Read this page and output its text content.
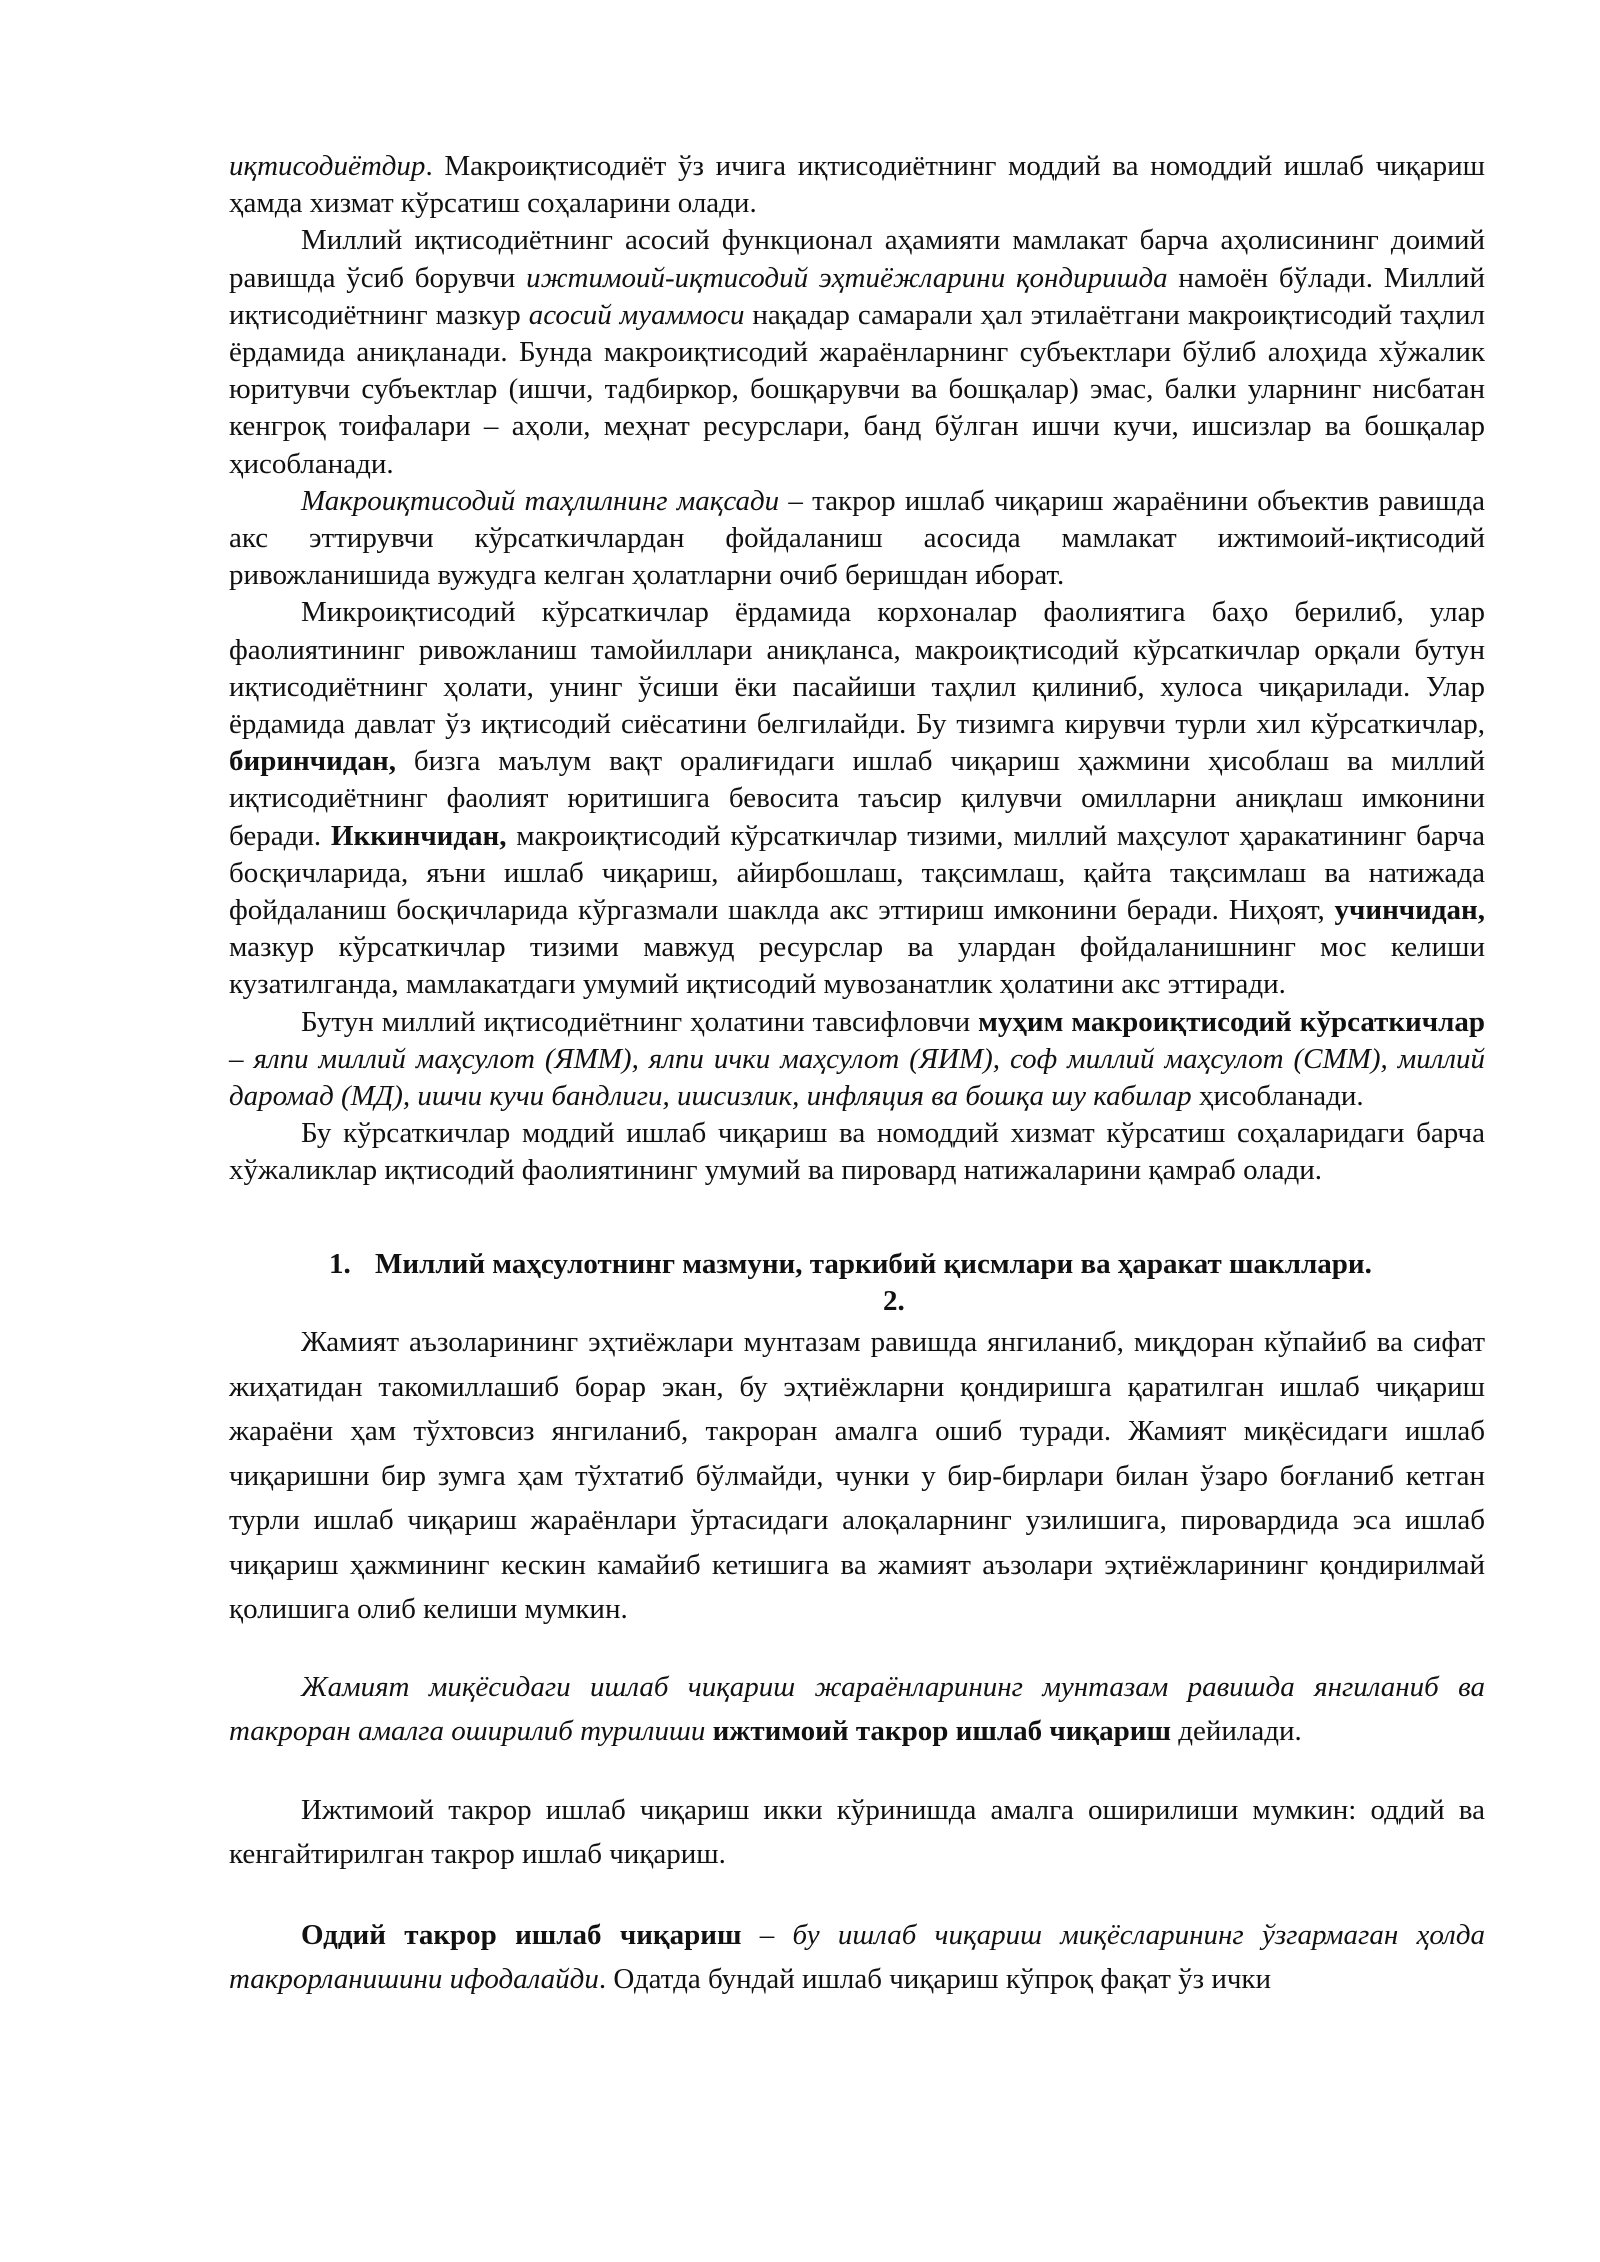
иқтисодиётдир. Макроиқтисодиёт ўз ичига иқтисодиётнинг моддий ва номоддий ишлаб чиқариш ҳамда хизмат кўрсатиш соҳаларини олади.

Миллий иқтисодиётнинг асосий функционал аҳамияти мамлакат барча аҳолисининг доимий равишда ўсиб борувчи ижтимоий-иқтисодий эҳтиёжларини қондиришда намоён бўлади. Миллий иқтисодиётнинг мазкур асосий муаммоси нақадар самарали ҳал этилаётгани макроиқтисодий таҳлил ёрдамида аниқланади. Бунда макроиқтисодий жараёнларнинг субъектлари бўлиб алоҳида хўжалик юритувчи субъектлар (ишчи, тадбиркор, бошқарувчи ва бошқалар) эмас, балки уларнинг нисбатан кенгроқ тоифалари – аҳоли, меҳнат ресурслари, банд бўлган ишчи кучи, ишсизлар ва бошқалар ҳисобланади.

Макроиқтисодий таҳлилнинг мақсади – такрор ишлаб чиқариш жараёнини объектив равишда акс эттирувчи кўрсаткичлардан фойдаланиш асосида мамлакат ижтимоий-иқтисодий ривожланишида вужудга келган ҳолатларни очиб беришдан иборат.

Микроиқтисодий кўрсаткичлар ёрдамида корхоналар фаолиятига баҳо берилиб, улар фаолиятининг ривожланиш тамойиллари аниқланса, макроиқтисодий кўрсаткичлар орқали бутун иқтисодиётнинг ҳолати, унинг ўсиши ёки пасайиши таҳлил қилиниб, хулоса чиқарилади. Улар ёрдамида давлат ўз иқтисодий сиёсатини белгилайди. Бу тизимга кирувчи турли хил кўрсаткичлар, биринчидан, бизга маълум вақт оралиғидаги ишлаб чиқариш ҳажмини ҳисоблаш ва миллий иқтисодиётнинг фаолият юритишига бевосита таъсир қилувчи омилларни аниқлаш имконини беради. Иккинчидан, макроиқтисодий кўрсаткичлар тизими, миллий маҳсулот ҳаракатининг барча босқичларида, яъни ишлаб чиқариш, айирбошлаш, тақсимлаш, қайта тақсимлаш ва натижада фойдаланиш босқичларида кўргазмали шаклда акс эттириш имконини беради. Ниҳоят, учинчидан, мазкур кўрсаткичлар тизими мавжуд ресурслар ва улардан фойдаланишнинг мос келиши кузатилганда, мамлакатдаги умумий иқтисодий мувозанатлик ҳолатини акс эттиради.

Бутун миллий иқтисодиётнинг ҳолатини тавсифловчи муҳим макроиқтисодий кўрсаткичлар – ялпи миллий маҳсулот (ЯММ), ялпи ички маҳсулот (ЯИМ), соф миллий маҳсулот (СММ), миллий даромад (МД), ишчи кучи бандлиги, ишсизлик, инфляция ва бошқа шу кабилар ҳисобланади.

Бу кўрсаткичлар моддий ишлаб чиқариш ва номоддий хизмат кўрсатиш соҳаларидаги барча хўжаликлар иқтисодий фаолиятининг умумий ва пировард натижаларини қамраб олади.

1. Миллий маҳсулотнинг мазмуни, таркибий қисмлари ва ҳаракат шакллари.
2.

Жамият аъзоларининг эҳтиёжлари мунтазам равишда янгиланиб, миқдоран кўпайиб ва сифат жиҳатидан такомиллашиб борар экан, бу эҳтиёжларни қондиришга қаратилган ишлаб чиқариш жараёни ҳам тўхтовсиз янгиланиб, такроран амалга ошиб туради. Жамият миқёсидаги ишлаб чиқаришни бир зумга ҳам тўхтатиб бўлмайди, чунки у бир-бирлари билан ўзаро боғланиб кетган турли ишлаб чиқариш жараёнлари ўртасидаги алоқаларнинг узилишига, пировардида эса ишлаб чиқариш ҳажмининг кескин камайиб кетишига ва жамият аъзолари эҳтиёжларининг қондирилмай қолишига олиб келиши мумкин.

Жамият миқёсидаги ишлаб чиқариш жараёнларининг мунтазам равишда янгиланиб ва такроран амалга оширилиб турилиши ижтимоий такрор ишлаб чиқариш дейилади.

Ижтимоий такрор ишлаб чиқариш икки кўринишда амалга оширилиши мумкин: оддий ва кенгайтирилган такрор ишлаб чиқариш.

Оддий такрор ишлаб чиқариш – бу ишлаб чиқариш миқёсларининг ўзгармаган ҳолда такрорланишини ифодалайди. Одатда бундай ишлаб чиқариш кўпроқ фақат ўз ички
